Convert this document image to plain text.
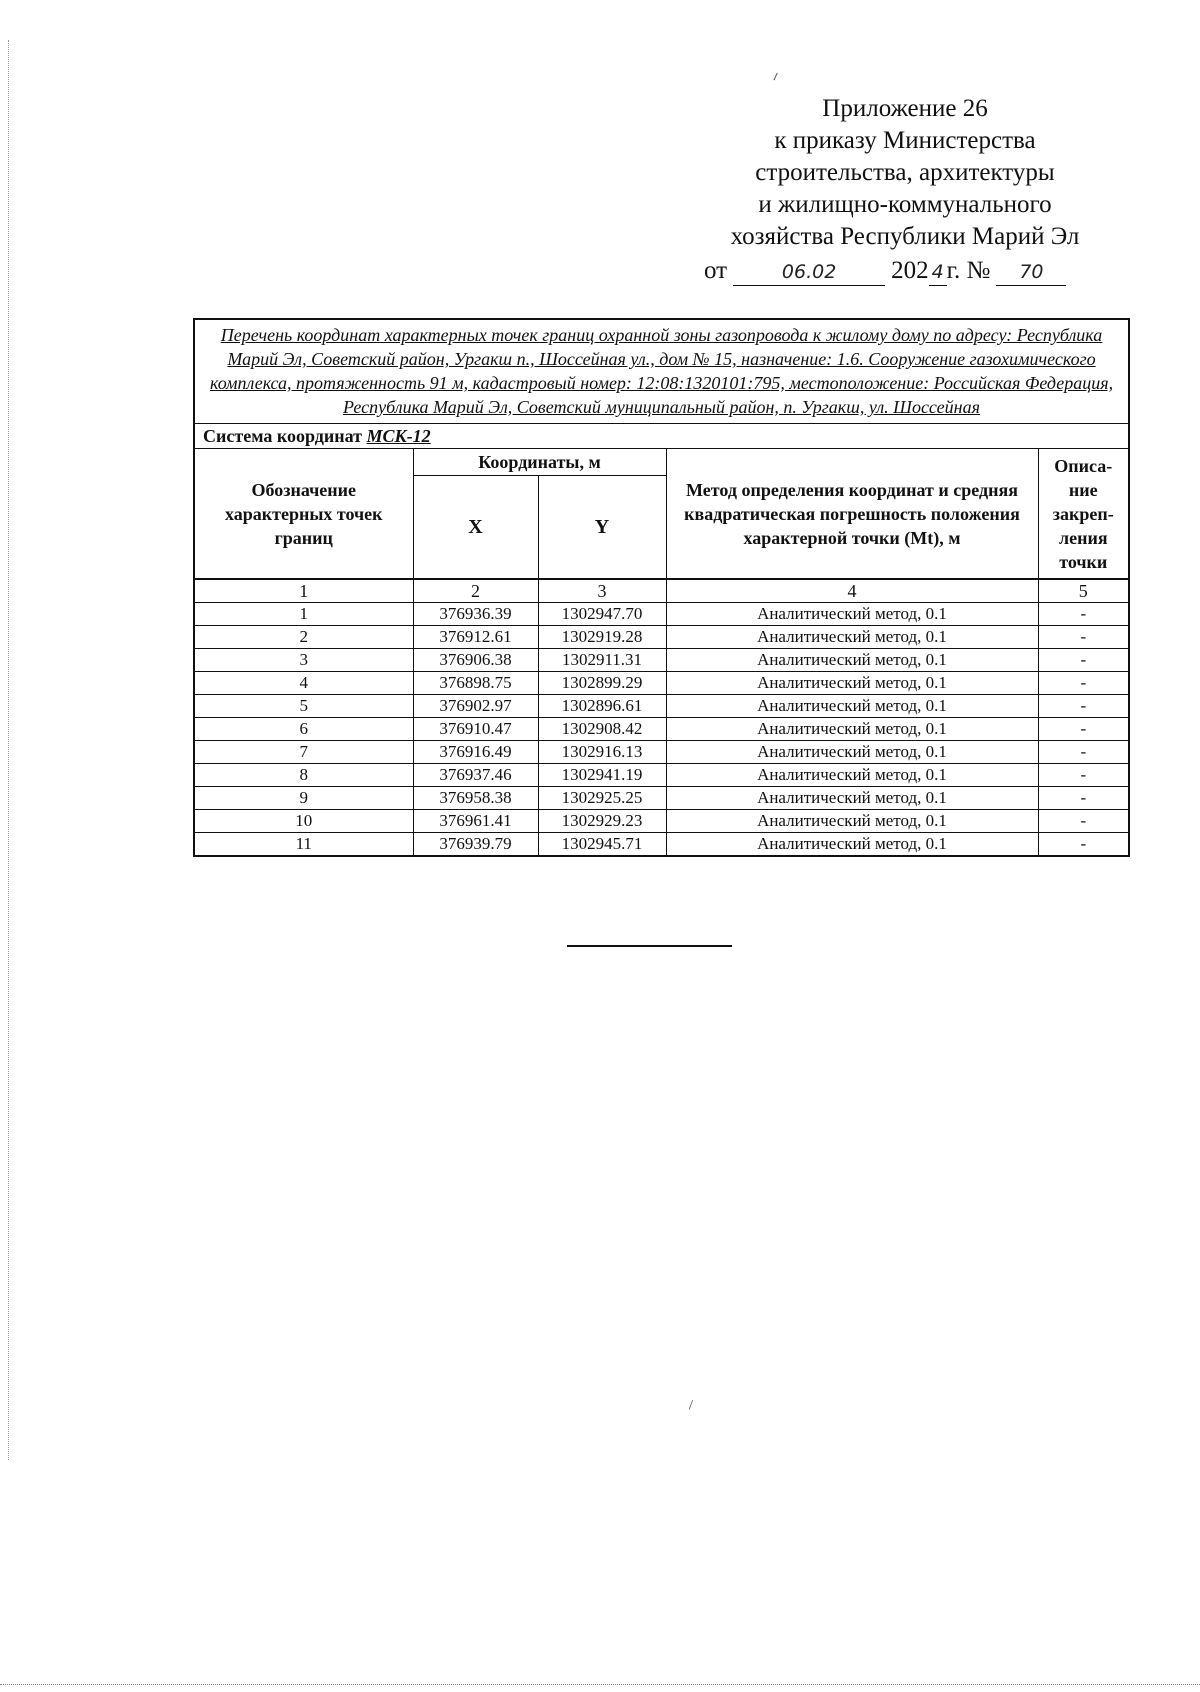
\
Приложение 26
к приказу Министерства
строительства, архитектуры
и жилищно-коммунального
хозяйства Республики Марий Эл
от	06.02 202 4 г. № 70
Перечень координат характерных точек границ охранной зоны газопровода к жилому дому по адресу: Республика Марий Эл, Советский район, Ургакш п., Шоссейная ул., дом № 15, назначение: 1.6. Сооружение газохимического комплекса, протяженность 91 м, кадастровый номер: 12:08:1320101:795, местоположение: Российская Федерация, Республика Марий Эл, Советский муниципальный район, п. Ургакш, ул. Шоссейная				
Система координат МСК-12				
Обозначение характерных точек границ	Координаты, м		Метод определения координат и средняя квадратическая погрешность положения характерной точки (Mt), м	Описа-ние закреп-ления точки
	X	Y		
1	2	3	4	5
1	376936.39	1302947.70	Аналитический метод, 0.1	-
2	376912.61	1302919.28	Аналитический метод, 0.1	-
3	376906.38	1302911.31	Аналитический метод, 0.1	-
4	376898.75	1302899.29	Аналитический метод, 0.1	-
5	376902.97	1302896.61	Аналитический метод, 0.1	-
6	376910.47	1302908.42	Аналитический метод, 0.1	-
7	376916.49	1302916.13	Аналитический метод, 0.1	-
8	376937.46	1302941.19	Аналитический метод, 0.1	-
9	376958.38	1302925.25	Аналитический метод, 0.1	-
10	376961.41	1302929.23	Аналитический метод, 0.1	-
11	376939.79	1302945.71	Аналитический метод, 0.1	-
